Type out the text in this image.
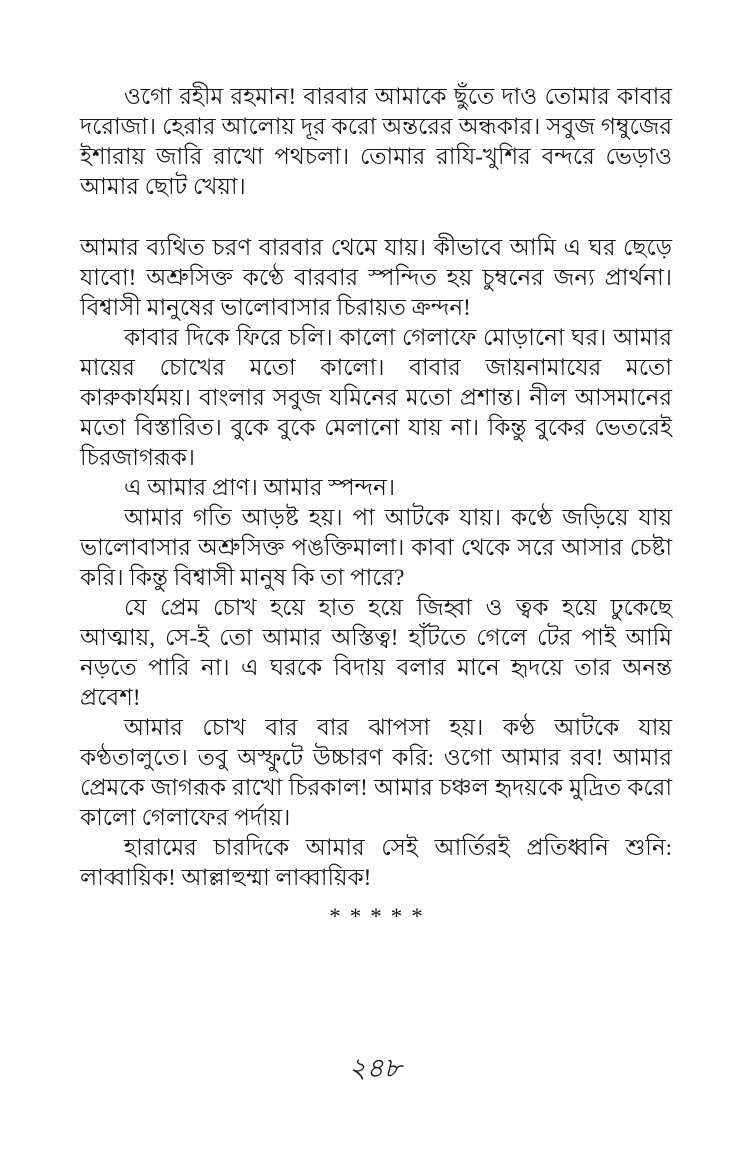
ওগো রহীম রহমান! বারবার আমাকে ছুঁতে দাও তোমার কাবার দরোজা। হেরার আলোয় দূর করো অন্তরের অন্ধকার। সবুজ গম্বুজের ইশারায় জারি রাখো পথচলা। তোমার রাযি-খুশির বন্দরে ভেড়াও আমার ছোট খেয়া।

আমার ব্যথিত চরণ বারবার থেমে যায়। কীভাবে আমি এ ঘর ছেড়ে যাবো! অশ্রুসিক্ত কণ্ঠে বারবার স্পন্দিত হয় চুম্বনের জন্য প্রার্থনা। বিশ্বাসী মানুষের ভালোবাসার চিরায়ত ক্রন্দন!

কাবার দিকে ফিরে চলি। কালো গেলাফে মোড়ানো ঘর। আমার মায়ের চোখের মতো কালো। বাবার জায়নামাযের মতো কারুকার্যময়। বাংলার সবুজ যমিনের মতো প্রশান্ত। নীল আসমানের মতো বিস্তারিত। বুকে বুকে মেলানো যায় না। কিন্তু বুকের ভেতরেই চিরজাগরূক।

এ আমার প্রাণ। আমার স্পন্দন।

আমার গতি আড়ষ্ট হয়। পা আটকে যায়। কণ্ঠে জড়িয়ে যায় ভালোবাসার অশ্রুসিক্ত পঙক্তিমালা। কাবা থেকে সরে আসার চেষ্টা করি। কিন্তু বিশ্বাসী মানুষ কি তা পারে?

যে প্রেম চোখ হয়ে হাত হয়ে জিহ্বা ও ত্বক হয়ে ঢুকেছে আত্মায়, সে-ই তো আমার অস্তিত্ব! হাঁটতে গেলে টের পাই আমি নড়তে পারি না। এ ঘরকে বিদায় বলার মানে হৃদয়ে তার অনন্ত প্রবেশ!

আমার চোখ বার বার ঝাপসা হয়। কণ্ঠ আটকে যায় কণ্ঠতালুতে। তবু অস্ফুটে উচ্চারণ করি: ওগো আমার রব! আমার প্রেমকে জাগরূক রাখো চিরকাল! আমার চঞ্চল হৃদয়কে মুদ্রিত করো কালো গেলাফের পর্দায়।

হারামের চারদিকে আমার সেই আর্তিরই প্রতিধ্বনি শুনি: লাব্বায়িক! আল্লাহুম্মা লাব্বায়িক!

*****
২৪৮
